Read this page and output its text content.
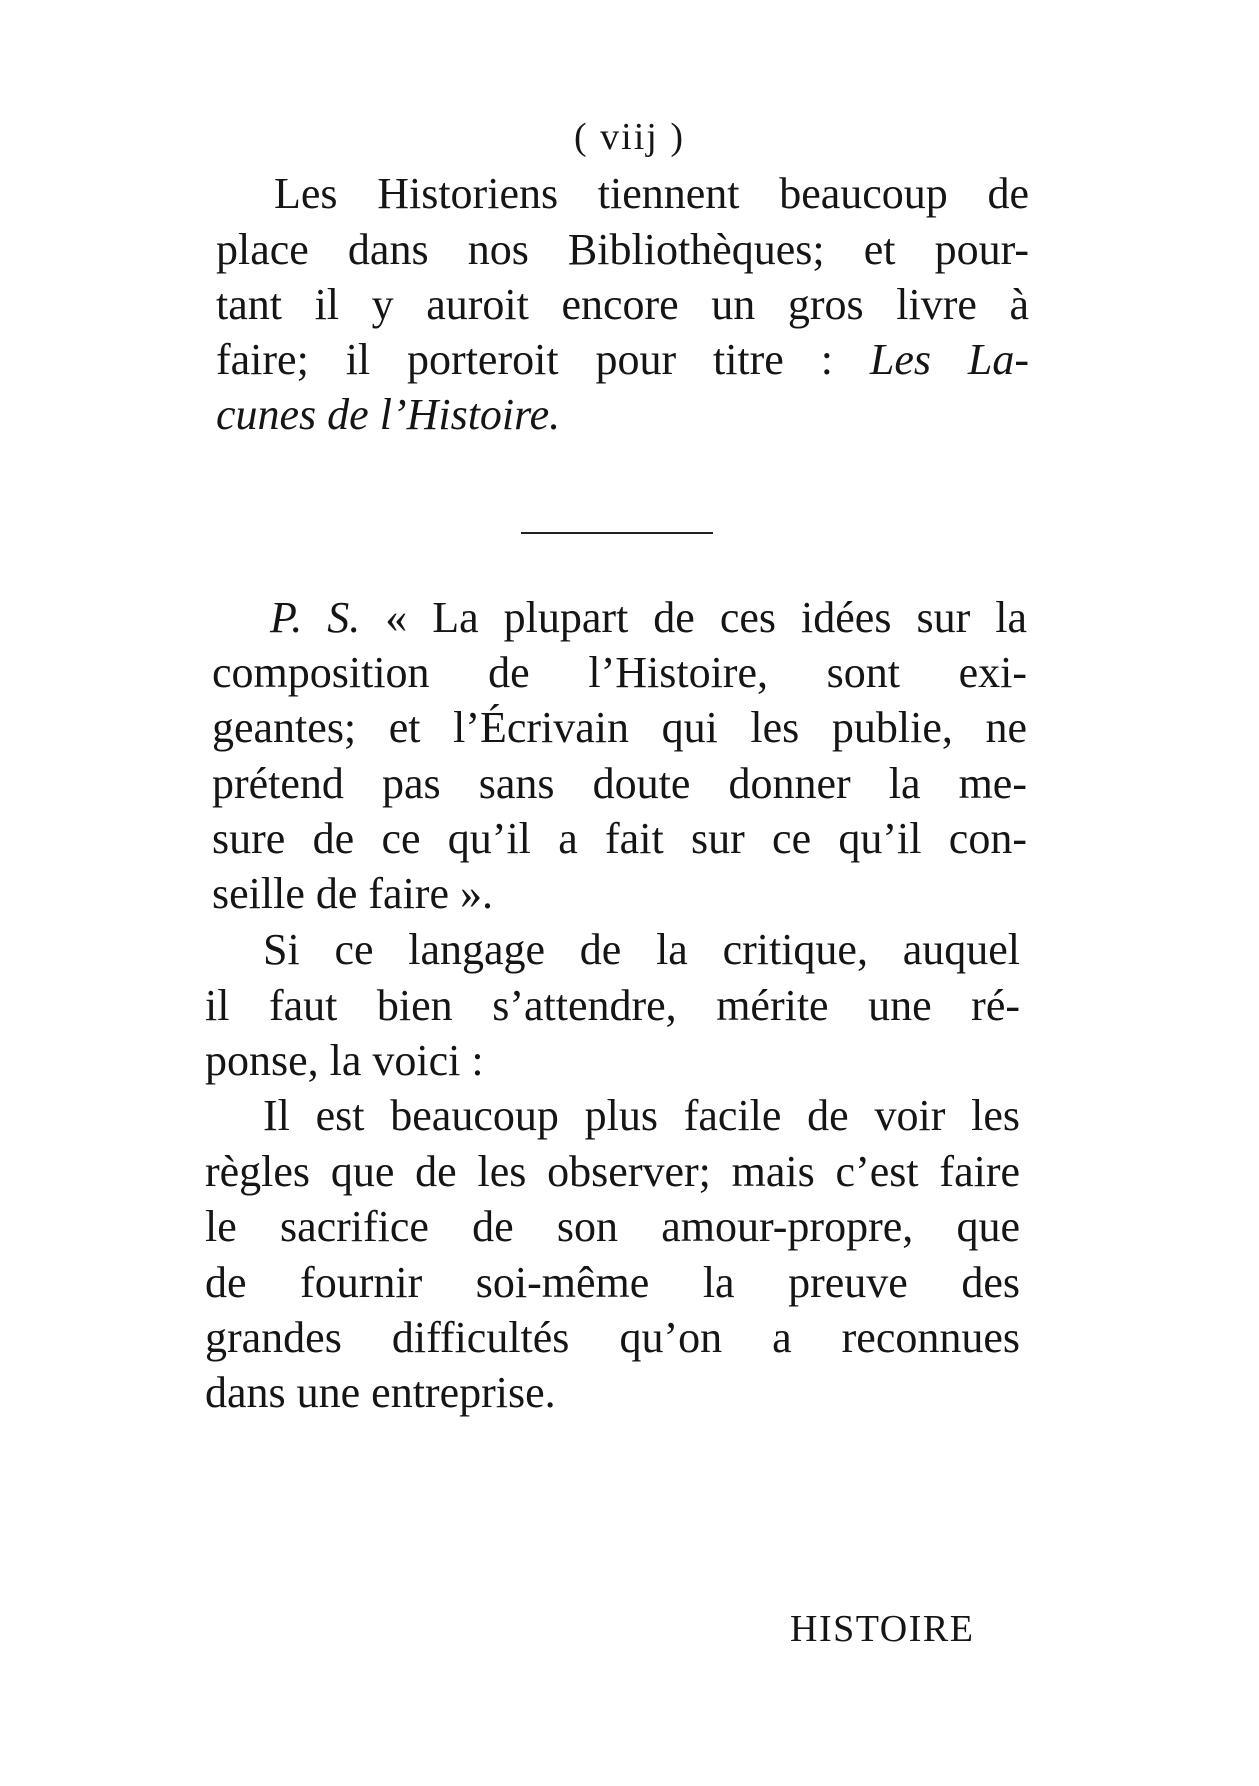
( viij )
Les Historiens tiennent beaucoup de
place dans nos Bibliothèques; et pour-
tant il y auroit encore un gros livre à
faire; il porteroit pour titre : Les La-
cunes de l’Histoire.
P. S. « La plupart de ces idées sur la
composition de l’Histoire, sont exi-
geantes; et l’Écrivain qui les publie, ne
prétend pas sans doute donner la me-
sure de ce qu’il a fait sur ce qu’il con-
seille de faire ».
Si ce langage de la critique, auquel
il faut bien s’attendre, mérite une ré-
ponse, la voici :
Il est beaucoup plus facile de voir les
règles que de les observer; mais c’est faire
le sacrifice de son amour-propre, que
de fournir soi-même la preuve des
grandes difficultés qu’on a reconnues
dans une entreprise.
HISTOIRE
